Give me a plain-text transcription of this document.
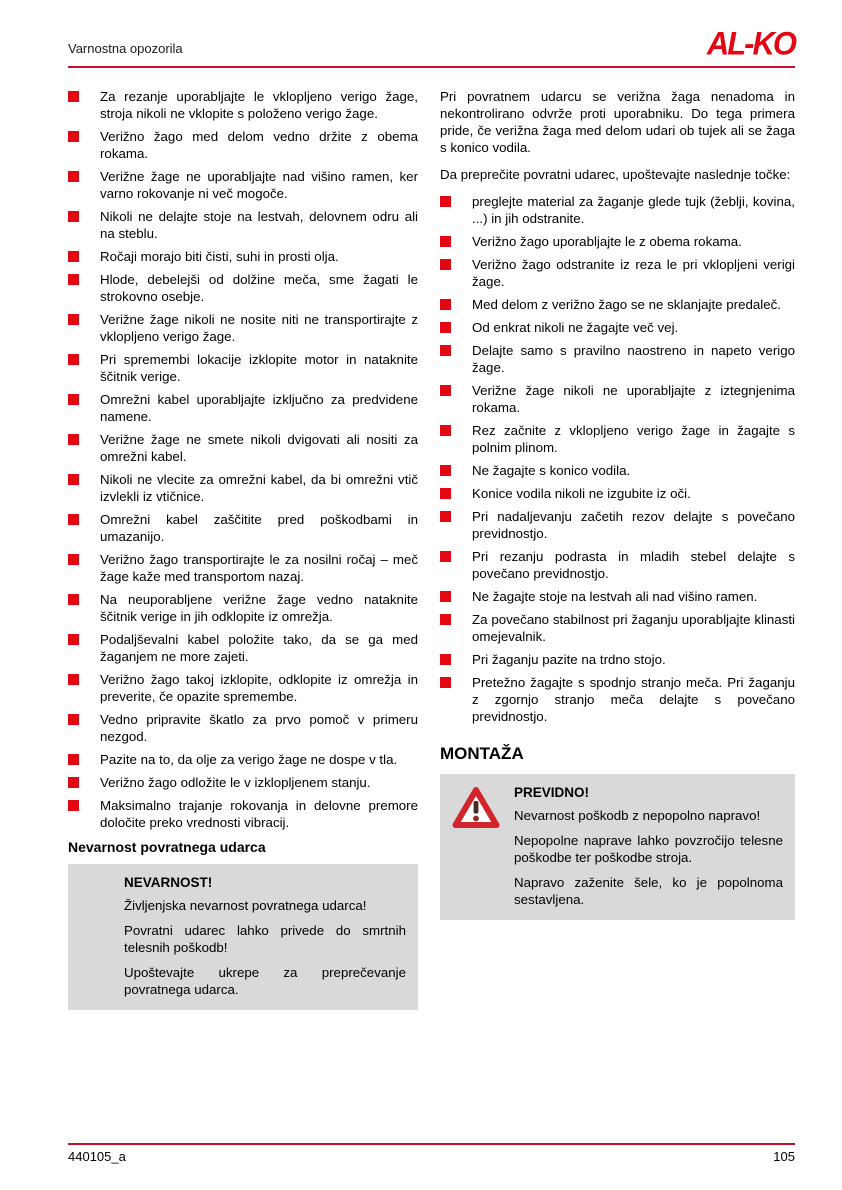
Varnostna opozorila	AL-KO
Za rezanje uporabljajte le vklopljeno verigo žage, stroja nikoli ne vklopite s položeno verigo žage.
Verižno žago med delom vedno držite z obema rokama.
Verižne žage ne uporabljajte nad višino ramen, ker varno rokovanje ni več mogoče.
Nikoli ne delajte stoje na lestvah, delovnem odru ali na steblu.
Ročaji morajo biti čisti, suhi in prosti olja.
Hlode, debelejši od dolžine meča, sme žagati le strokovno osebje.
Verižne žage nikoli ne nosite niti ne transportirajte z vklopljeno verigo žage.
Pri spremembi lokacije izklopite motor in nataknite ščitnik verige.
Omrežni kabel uporabljajte izključno za predvidene namene.
Verižne žage ne smete nikoli dvigovati ali nositi za omrežni kabel.
Nikoli ne vlecite za omrežni kabel, da bi omrežni vtič izvlekli iz vtičnice.
Omrežni kabel zaščitite pred poškodbami in umazanijo.
Verižno žago transportirajte le za nosilni ročaj – meč žage kaže med transportom nazaj.
Na neuporabljene verižne žage vedno nataknite ščitnik verige in jih odklopite iz omrežja.
Podaljševalni kabel položite tako, da se ga med žaganjem ne more zajeti.
Verižno žago takoj izklopite, odklopite iz omrežja in preverite, če opazite spremembe.
Vedno pripravite škatlo za prvo pomoč v primeru nezgod.
Pazite na to, da olje za verigo žage ne dospe v tla.
Verižno žago odložite le v izklopljenem stanju.
Maksimalno trajanje rokovanja in delovne premore določite preko vrednosti vibracij.
Nevarnost povratnega udarca
NEVARNOST!

Življenjska nevarnost povratnega udarca!

Povratni udarec lahko privede do smrtnih telesnih poškodb!

Upoštevajte ukrepe za preprečevanje povratnega udarca.

Pri povratnem udarcu se verižna žaga nenadoma in nekontrolirano odvrže proti uporabniku. Do tega primera pride, če verižna žaga med delom udari ob tujek ali se žaga s konico vodila.

Da preprečite povratni udarec, upoštevajte naslednje točke:

preglejte material za žaganje glede tujk (žeblji, kovina, ...) in jih odstranite.
Verižno žago uporabljajte le z obema rokama.
Verižno žago odstranite iz reza le pri vklopljeni verigi žage.
Med delom z verižno žago se ne sklanjajte predaleč.
Od enkrat nikoli ne žagajte več vej.
Delajte samo s pravilno naostreno in napeto verigo žage.
Verižne žage nikoli ne uporabljajte z iztegnjenima rokama.
Rez začnite z vklopljeno verigo žage in žagajte s polnim plinom.
Ne žagajte s konico vodila.
Konice vodila nikoli ne izgubite iz oči.
Pri nadaljevanju začetih rezov delajte s povečano previdnostjo.
Pri rezanju podrasta in mladih stebel delajte s povečano previdnostjo.
Ne žagajte stoje na lestvah ali nad višino ramen.
Za povečano stabilnost pri žaganju uporabljajte klinasti omejevalnik.
Pri žaganju pazite na trdno stojo.
Pretežno žagajte s spodnjo stranjo meča. Pri žaganju z zgornjo stranjo meča delajte s povečano previdnostjo.
MONTAŽA
PREVIDNO!

Nevarnost poškodb z nepopolno napravo!

Nepopolne naprave lahko povzročijo telesne poškodbe ter poškodbe stroja.

Napravo zaženite šele, ko je popolnoma sestavljena.

440105_a	105
